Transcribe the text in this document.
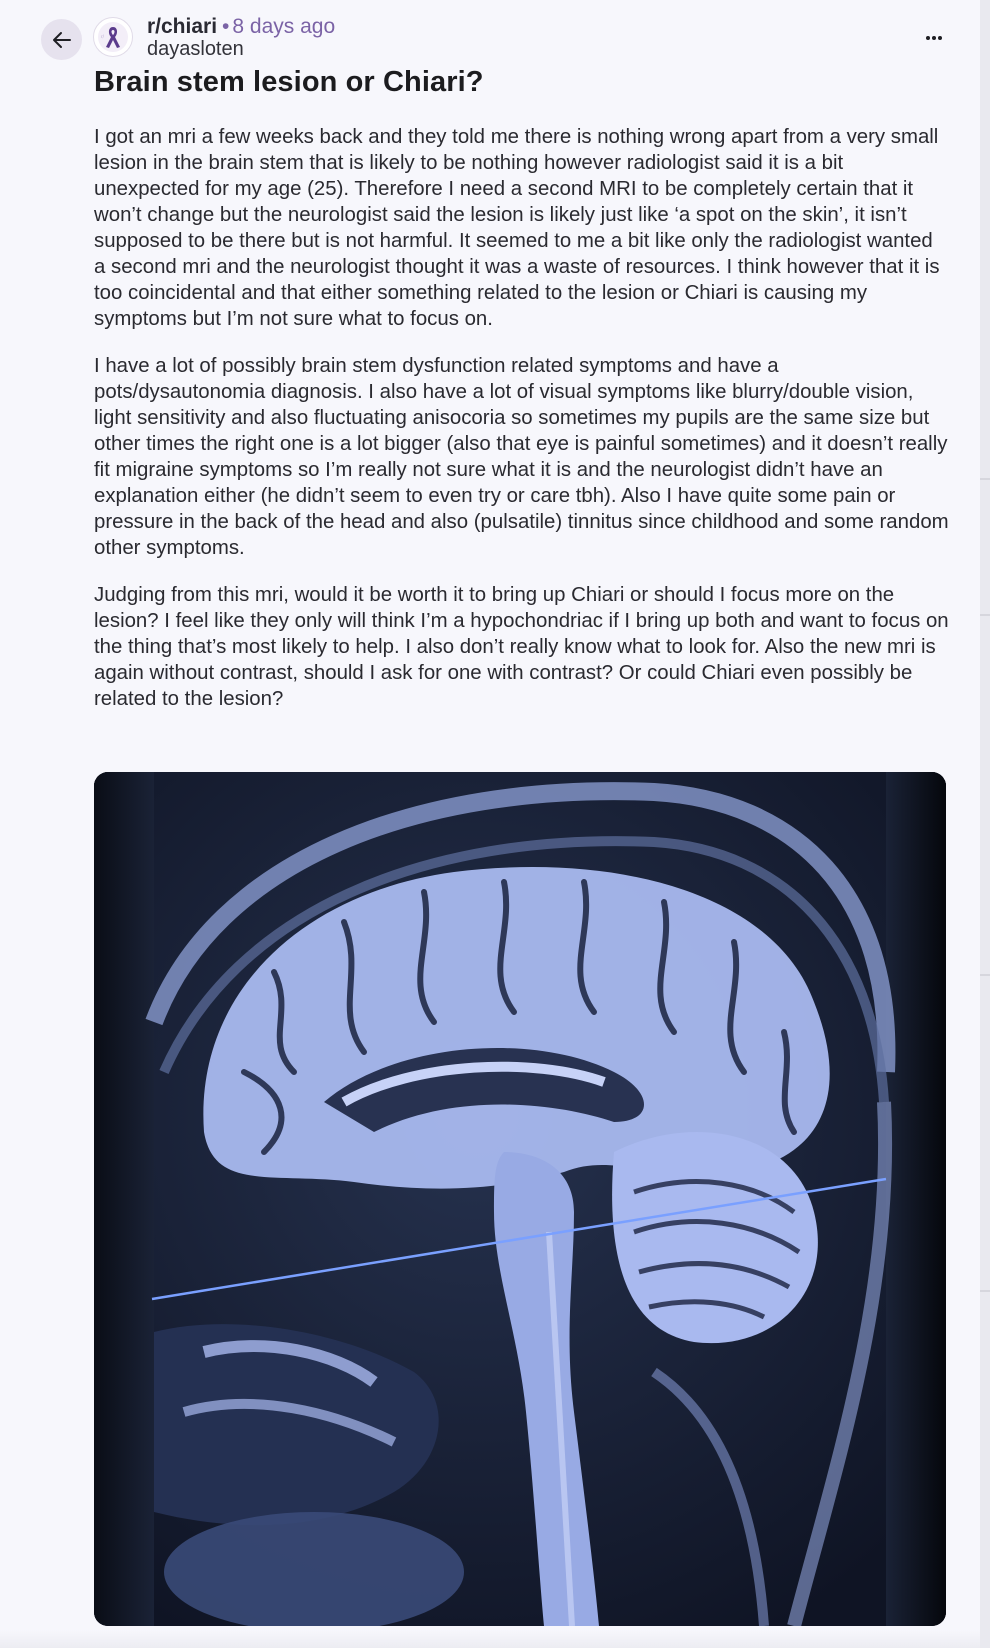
r/ r/chiari • 8 days ago
dayasloten
Brain stem lesion or Chiari?

I got an mri a few weeks back and they told me there is nothing wrong apart from a very small lesion in the brain stem that is likely to be nothing however radiologist said it is a bit unexpected for my age (25). Therefore I need a second MRI to be completely certain that it won’t change but the neurologist said the lesion is likely just like ‘a spot on the skin’, it isn’t supposed to be there but is not harmful. It seemed to me a bit like only the radiologist wanted a second mri and the neurologist thought it was a waste of resources. I think however that it is too coincidental and that either something related to the lesion or Chiari is causing my symptoms but I’m not sure what to focus on.

I have a lot of possibly brain stem dysfunction related symptoms and have a pots/dysautonomia diagnosis. I also have a lot of visual symptoms like blurry/double vision, light sensitivity and also fluctuating anisocoria so sometimes my pupils are the same size but other times the right one is a lot bigger (also that eye is painful sometimes) and it doesn’t really fit migraine symptoms so I’m really not sure what it is and the neurologist didn’t have an explanation either (he didn’t seem to even try or care tbh). Also I have quite some pain or pressure in the back of the head and also (pulsatile) tinnitus since childhood and some random other symptoms.

Judging from this mri, would it be worth it to bring up Chiari or should I focus more on the lesion? I feel like they only will think I’m a hypochondriac if I bring up both and want to focus on the thing that’s most likely to help. I also don’t really know what to look for. Also the new mri is again without contrast, should I ask for one with contrast? Or could Chiari even possibly be related to the lesion?
